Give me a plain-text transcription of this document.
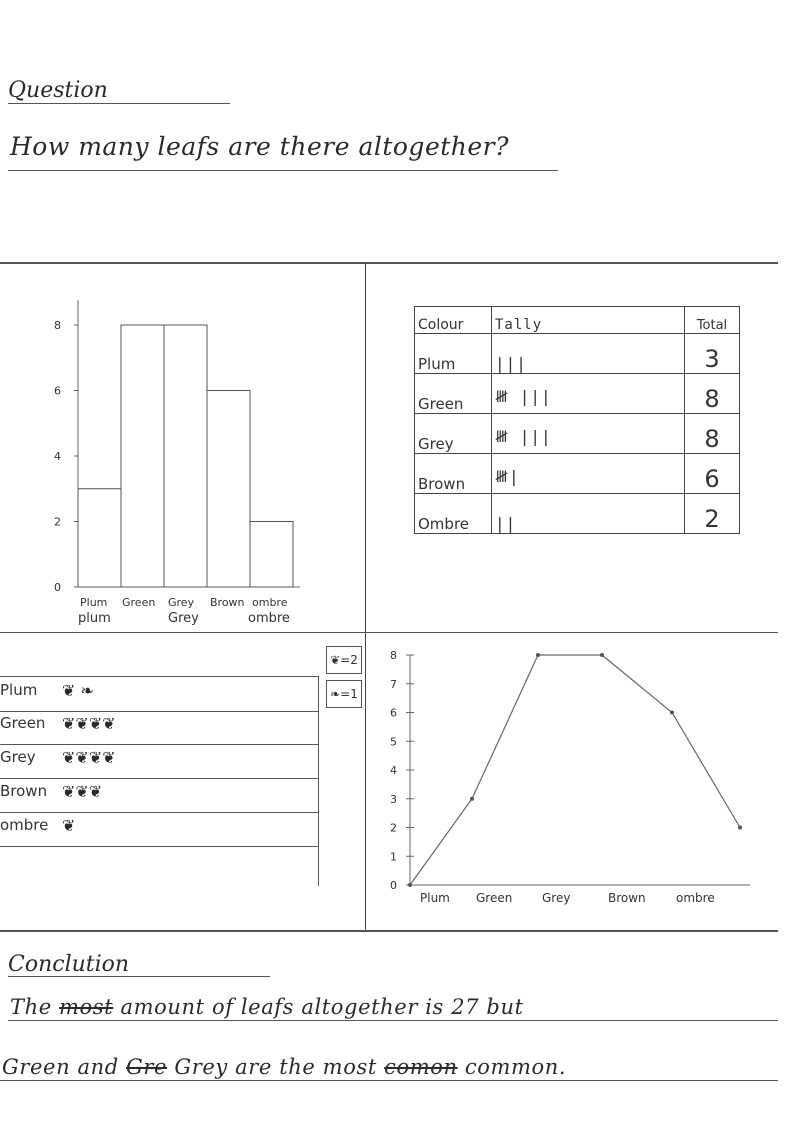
Question
How many leafs are there altogether?
8
6
4
2
0
Plum Green Grey Brown ombre
plum	Grey	ombre
Colour	Tally	Total
Plum	|||	3
Green	𝍸 |||	8
Grey	𝍸 |||	8
Brown	𝍸|	6
Ombre	||	2
Plum ❦ ❧
Green ❦❦❦❦
Grey ❦❦❦❦
Brown ❦❦❦
ombre ❦
❦=2
❧=1
8
7
6
5
4
3
2
1
0
Plum Green Grey	Brown	ombre
Conclution
The most amount of leafs altogether is 27 but
Green and Gre Grey are the most comon common.
